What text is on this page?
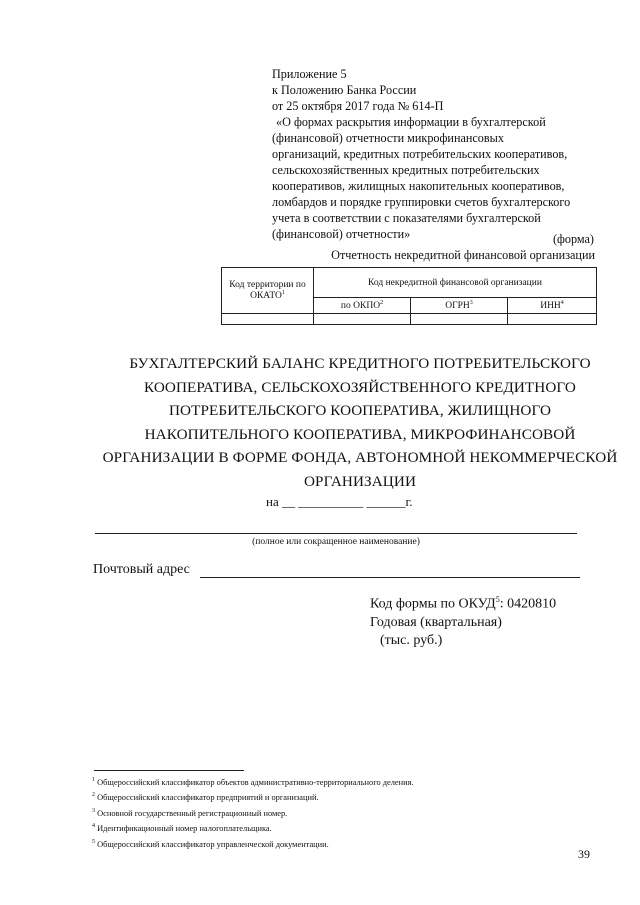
Приложение 5
к Положению Банка России
от 25 октября 2017 года № 614-П
«О формах раскрытия информации в бухгалтерской
(финансовой) отчетности микрофинансовых
организаций, кредитных потребительских кооперативов,
сельскохозяйственных кредитных потребительских
кооперативов, жилищных накопительных кооперативов,
ломбардов и порядке группировки счетов бухгалтерского
учета в соответствии с показателями бухгалтерской
(финансовой) отчетности»	(форма)
Отчетность некредитной финансовой организации
Код территории по ОКАТО$^1$	Код некредитной финансовой организации		
	по ОКПО$^2$	ОГРН$^3$	ИНН$^4$

БУХГАЛТЕРСКИЙ БАЛАНС КРЕДИТНОГО ПОТРЕБИТЕЛЬСКОГО КООПЕРАТИВА, СЕЛЬСКОХОЗЯЙСТВЕННОГО КРЕДИТНОГО ПОТРЕБИТЕЛЬСКОГО КООПЕРАТИВА, ЖИЛИЩНОГО НАКОПИТЕЛЬНОГО КООПЕРАТИВА, МИКРОФИНАНСОВОЙ ОРГАНИЗАЦИИ В ФОРМЕ ФОНДА, АВТОНОМНОЙ НЕКОММЕРЧЕСКОЙ ОРГАНИЗАЦИИ
на __ __________ ______г.
(полное или сокращенное наименование)
Почтовый адрес
Код формы по ОКУД$^5$: 0420810
Годовая (квартальная)
(тыс. руб.)
$^1$ Общероссийский классификатор объектов административно-территориального деления.
$^2$ Общероссийский классификатор предприятий и организаций.
$^3$ Основной государственный регистрационный номер.
$^4$ Идентификационный номер налогоплательщика.
$^5$ Общероссийский классификатор управленческой документации.
39
